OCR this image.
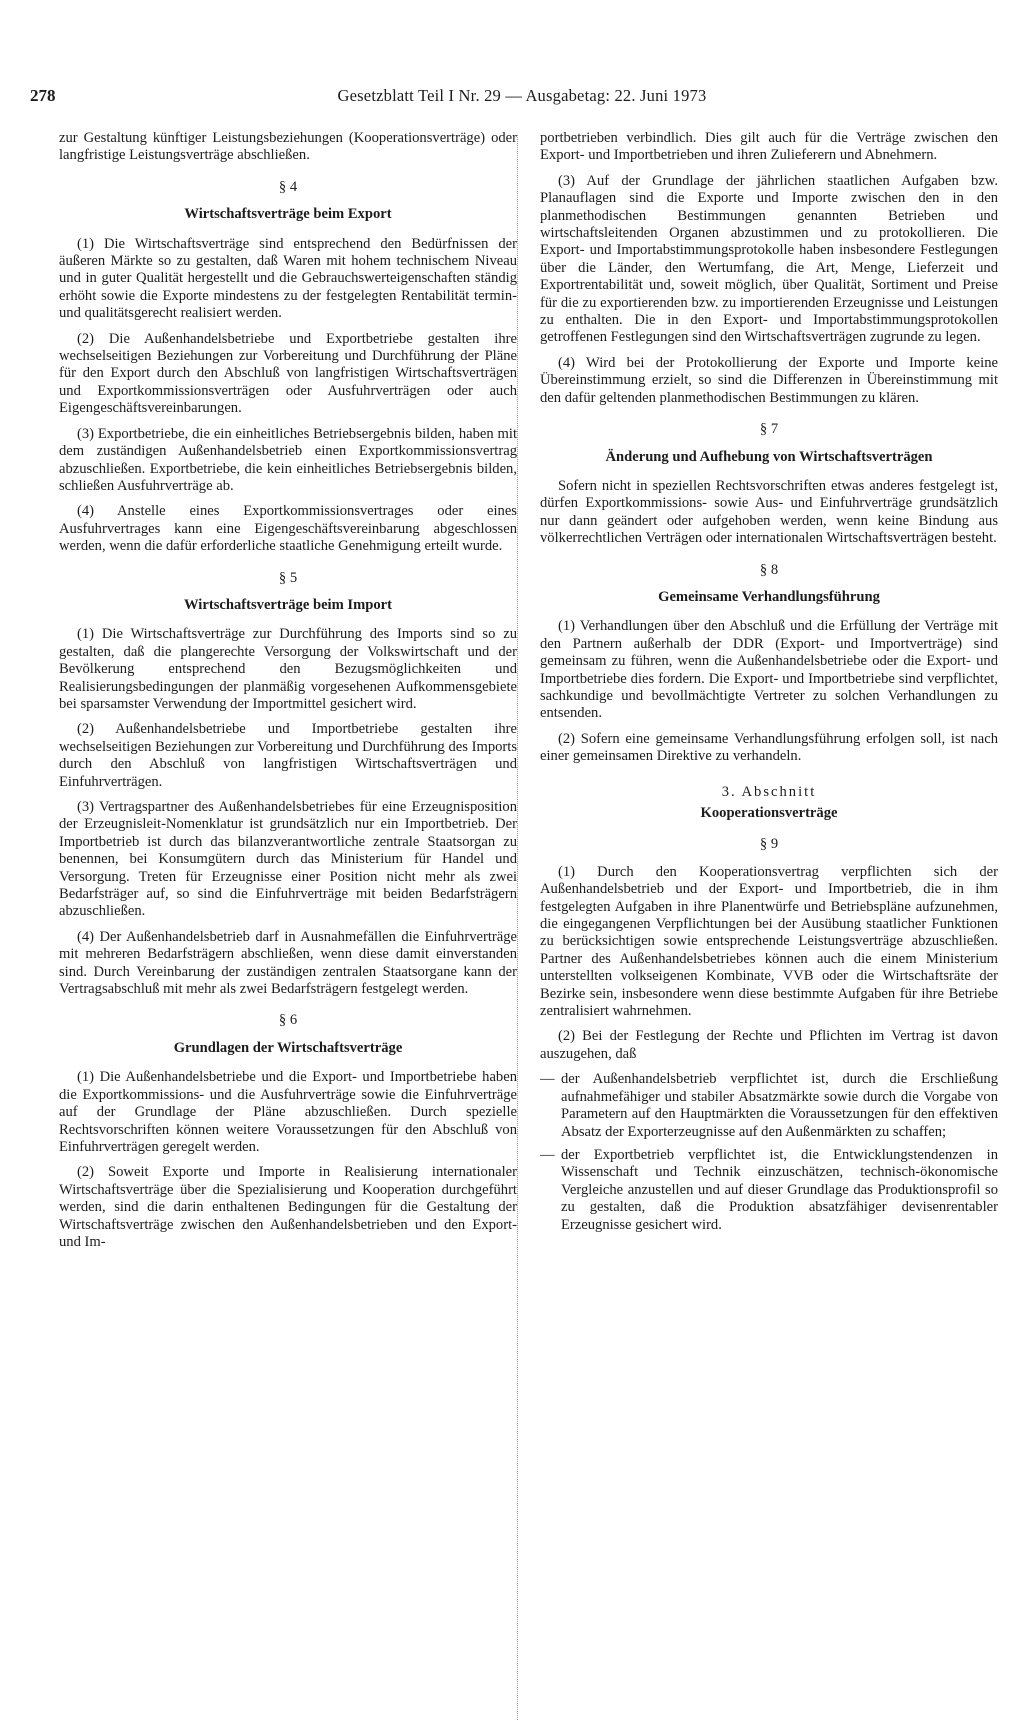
278	Gesetzblatt Teil I Nr. 29 — Ausgabetag: 22. Juni 1973

zur Gestaltung künftiger Leistungsbeziehungen (Kooperationsverträge) oder langfristige Leistungsverträge abschließen.

§ 4
Wirtschaftsverträge beim Export

(1) Die Wirtschaftsverträge sind entsprechend den Bedürfnissen der äußeren Märkte so zu gestalten, daß Waren mit hohem technischem Niveau und in guter Qualität hergestellt und die Gebrauchswerteigenschaften ständig erhöht sowie die Exporte mindestens zu der festgelegten Rentabilität termin- und qualitätsgerecht realisiert werden.

(2) Die Außenhandelsbetriebe und Exportbetriebe gestalten ihre wechselseitigen Beziehungen zur Vorbereitung und Durchführung der Pläne für den Export durch den Abschluß von langfristigen Wirtschaftsverträgen und Exportkommissionsverträgen oder Ausfuhrverträgen oder auch Eigengeschäftsvereinbarungen.

(3) Exportbetriebe, die ein einheitliches Betriebsergebnis bilden, haben mit dem zuständigen Außenhandelsbetrieb einen Exportkommissionsvertrag abzuschließen. Exportbetriebe, die kein einheitliches Betriebsergebnis bilden, schließen Ausfuhrverträge ab.

(4) Anstelle eines Exportkommissionsvertrages oder eines Ausfuhrvertrages kann eine Eigengeschäftsvereinbarung abgeschlossen werden, wenn die dafür erforderliche staatliche Genehmigung erteilt wurde.

§ 5
Wirtschaftsverträge beim Import

(1) Die Wirtschaftsverträge zur Durchführung des Imports sind so zu gestalten, daß die plangerechte Versorgung der Volkswirtschaft und der Bevölkerung entsprechend den Bezugsmöglichkeiten und Realisierungsbedingungen der planmäßig vorgesehenen Aufkommensgebiete bei sparsamster Verwendung der Importmittel gesichert wird.

(2) Außenhandelsbetriebe und Importbetriebe gestalten ihre wechselseitigen Beziehungen zur Vorbereitung und Durchführung des Imports durch den Abschluß von langfristigen Wirtschaftsverträgen und Einfuhrverträgen.

(3) Vertragspartner des Außenhandelsbetriebes für eine Erzeugnisposition der Erzeugnisleit-Nomenklatur ist grundsätzlich nur ein Importbetrieb. Der Importbetrieb ist durch das bilanzverantwortliche zentrale Staatsorgan zu benennen, bei Konsumgütern durch das Ministerium für Handel und Versorgung. Treten für Erzeugnisse einer Position nicht mehr als zwei Bedarfsträger auf, so sind die Einfuhrverträge mit beiden Bedarfsträgern abzuschließen.

(4) Der Außenhandelsbetrieb darf in Ausnahmefällen die Einfuhrverträge mit mehreren Bedarfsträgern abschließen, wenn diese damit einverstanden sind. Durch Vereinbarung der zuständigen zentralen Staatsorgane kann der Vertragsabschluß mit mehr als zwei Bedarfsträgern festgelegt werden.

§ 6
Grundlagen der Wirtschaftsverträge

(1) Die Außenhandelsbetriebe und die Export- und Importbetriebe haben die Exportkommissions- und die Ausfuhrverträge sowie die Einfuhrverträge auf der Grundlage der Pläne abzuschließen. Durch spezielle Rechtsvorschriften können weitere Voraussetzungen für den Abschluß von Einfuhrverträgen geregelt werden.

(2) Soweit Exporte und Importe in Realisierung internationaler Wirtschaftsverträge über die Spezialisierung und Kooperation durchgeführt werden, sind die darin enthaltenen Bedingungen für die Gestaltung der Wirtschaftsverträge zwischen den Außenhandelsbetrieben und den Export- und Im-

portbetrieben verbindlich. Dies gilt auch für die Verträge zwischen den Export- und Importbetrieben und ihren Zulieferern und Abnehmern.

(3) Auf der Grundlage der jährlichen staatlichen Aufgaben bzw. Planauflagen sind die Exporte und Importe zwischen den in den planmethodischen Bestimmungen genannten Betrieben und wirtschaftsleitenden Organen abzustimmen und zu protokollieren. Die Export- und Importabstimmungsprotokolle haben insbesondere Festlegungen über die Länder, den Wertumfang, die Art, Menge, Lieferzeit und Exportrentabilität und, soweit möglich, über Qualität, Sortiment und Preise für die zu exportierenden bzw. zu importierenden Erzeugnisse und Leistungen zu enthalten. Die in den Export- und Importabstimmungsprotokollen getroffenen Festlegungen sind den Wirtschaftsverträgen zugrunde zu legen.

(4) Wird bei der Protokollierung der Exporte und Importe keine Übereinstimmung erzielt, so sind die Differenzen in Übereinstimmung mit den dafür geltenden planmethodischen Bestimmungen zu klären.

§ 7
Änderung und Aufhebung von Wirtschaftsverträgen

Sofern nicht in speziellen Rechtsvorschriften etwas anderes festgelegt ist, dürfen Exportkommissions- sowie Aus- und Einfuhrverträge grundsätzlich nur dann geändert oder aufgehoben werden, wenn keine Bindung aus völkerrechtlichen Verträgen oder internationalen Wirtschaftsverträgen besteht.

§ 8
Gemeinsame Verhandlungsführung

(1) Verhandlungen über den Abschluß und die Erfüllung der Verträge mit den Partnern außerhalb der DDR (Export- und Importverträge) sind gemeinsam zu führen, wenn die Außenhandelsbetriebe oder die Export- und Importbetriebe dies fordern. Die Export- und Importbetriebe sind verpflichtet, sachkundige und bevollmächtigte Vertreter zu solchen Verhandlungen zu entsenden.

(2) Sofern eine gemeinsame Verhandlungsführung erfolgen soll, ist nach einer gemeinsamen Direktive zu verhandeln.

3. Abschnitt
Kooperationsverträge
§ 9

(1) Durch den Kooperationsvertrag verpflichten sich der Außenhandelsbetrieb und der Export- und Importbetrieb, die in ihm festgelegten Aufgaben in ihre Planentwürfe und Betriebspläne aufzunehmen, die eingegangenen Verpflichtungen bei der Ausübung staatlicher Funktionen zu berücksichtigen sowie entsprechende Leistungsverträge abzuschließen. Partner des Außenhandelsbetriebes können auch die einem Ministerium unterstellten volkseigenen Kombinate, VVB oder die Wirtschaftsräte der Bezirke sein, insbesondere wenn diese bestimmte Aufgaben für ihre Betriebe zentralisiert wahrnehmen.

(2) Bei der Festlegung der Rechte und Pflichten im Vertrag ist davon auszugehen, daß

— der Außenhandelsbetrieb verpflichtet ist, durch die Erschließung aufnahmefähiger und stabiler Absatzmärkte sowie durch die Vorgabe von Parametern auf den Hauptmärkten die Voraussetzungen für den effektiven Absatz der Exporterzeugnisse auf den Außenmärkten zu schaffen;
— der Exportbetrieb verpflichtet ist, die Entwicklungstendenzen in Wissenschaft und Technik einzuschätzen, technisch-ökonomische Vergleiche anzustellen und auf dieser Grundlage das Produktionsprofil so zu gestalten, daß die Produktion absatzfähiger devisenrentabler Erzeugnisse gesichert wird.
